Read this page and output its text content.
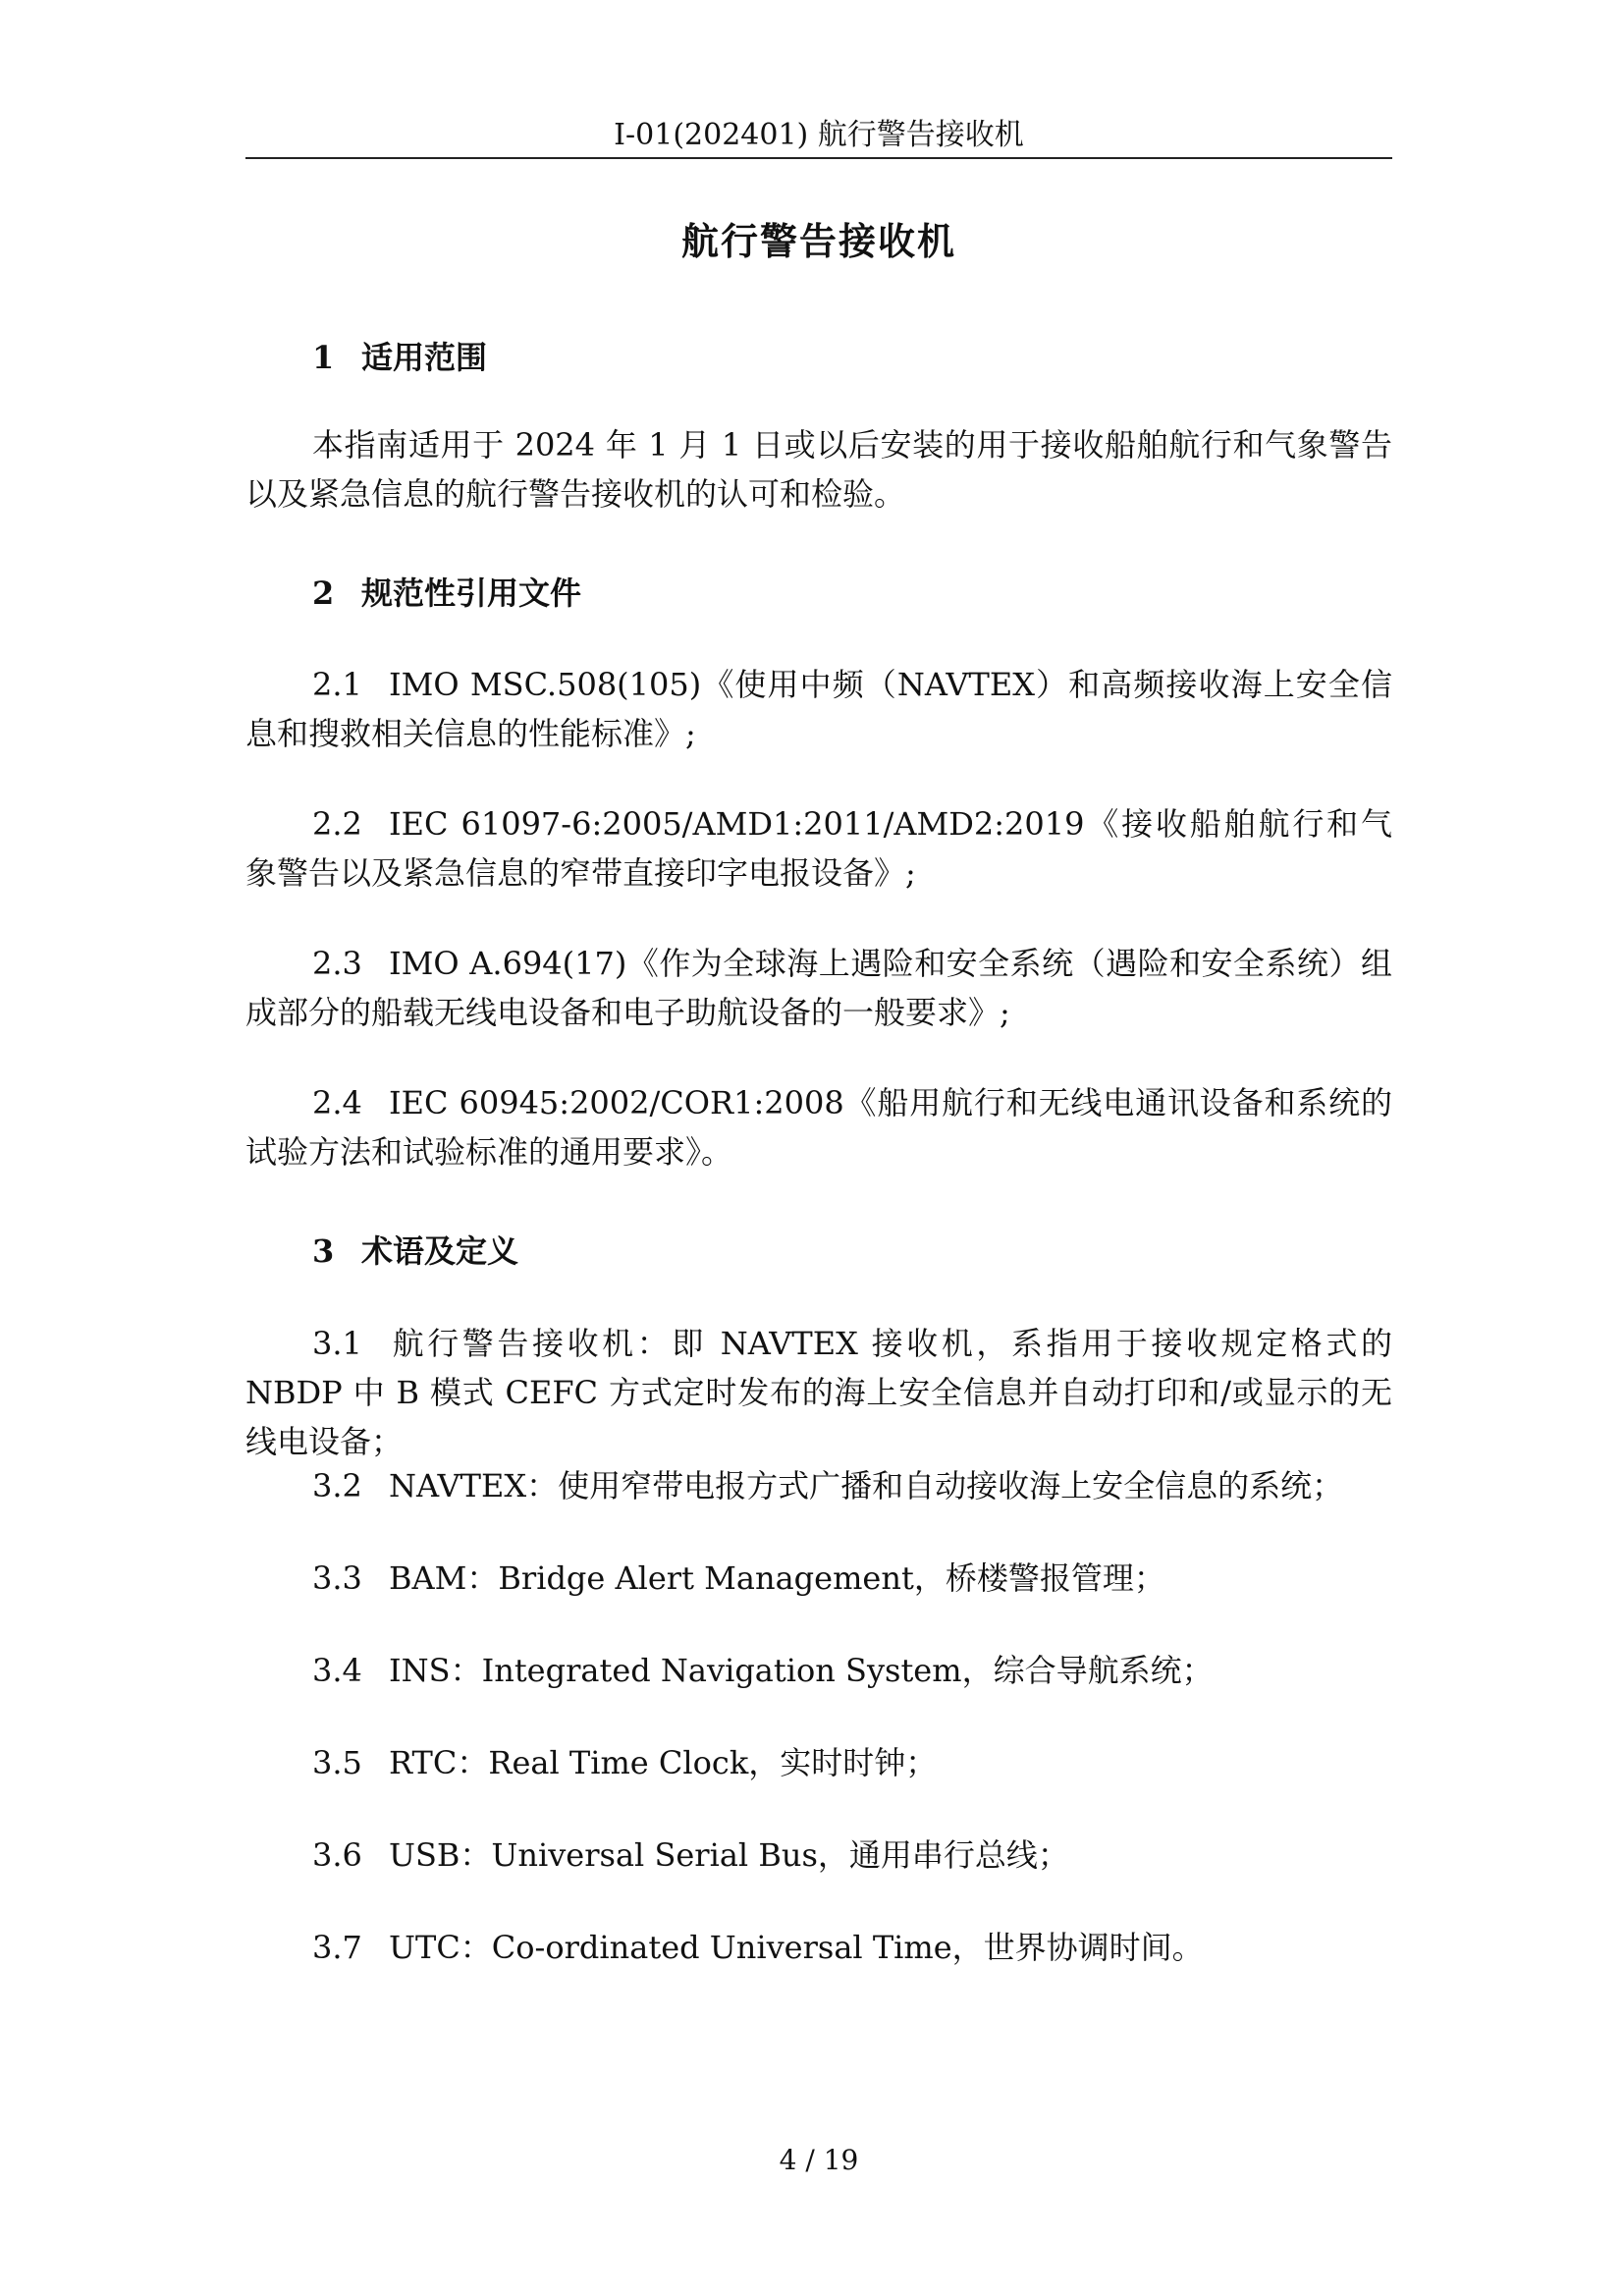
I-01(202401) 航行警告接收机
航行警告接收机
1 适用范围
本指南适用于 2024 年 1 月 1 日或以后安装的用于接收船舶航行和气象警告以及紧急信息的航行警告接收机的认可和检验。
2 规范性引用文件
2.1 IMO MSC.508(105)《使用中频（NAVTEX）和高频接收海上安全信息和搜救相关信息的性能标准》;
2.2 IEC 61097-6:2005/AMD1:2011/AMD2:2019《接收船舶航行和气象警告以及紧急信息的窄带直接印字电报设备》;
2.3 IMO A.694(17)《作为全球海上遇险和安全系统（遇险和安全系统）组成部分的船载无线电设备和电子助航设备的一般要求》;
2.4 IEC 60945:2002/COR1:2008《船用航行和无线电通讯设备和系统的试验方法和试验标准的通用要求》。
3 术语及定义
3.1 航行警告接收机：即 NAVTEX 接收机，系指用于接收规定格式的 NBDP 中 B 模式 CEFC 方式定时发布的海上安全信息并自动打印和/或显示的无线电设备；
3.2 NAVTEX：使用窄带电报方式广播和自动接收海上安全信息的系统；
3.3 BAM：Bridge Alert Management，桥楼警报管理；
3.4 INS：Integrated Navigation System，综合导航系统；
3.5 RTC：Real Time Clock，实时时钟；
3.6 USB：Universal Serial Bus，通用串行总线；
3.7 UTC：Co-ordinated Universal Time，世界协调时间。
4 / 19
